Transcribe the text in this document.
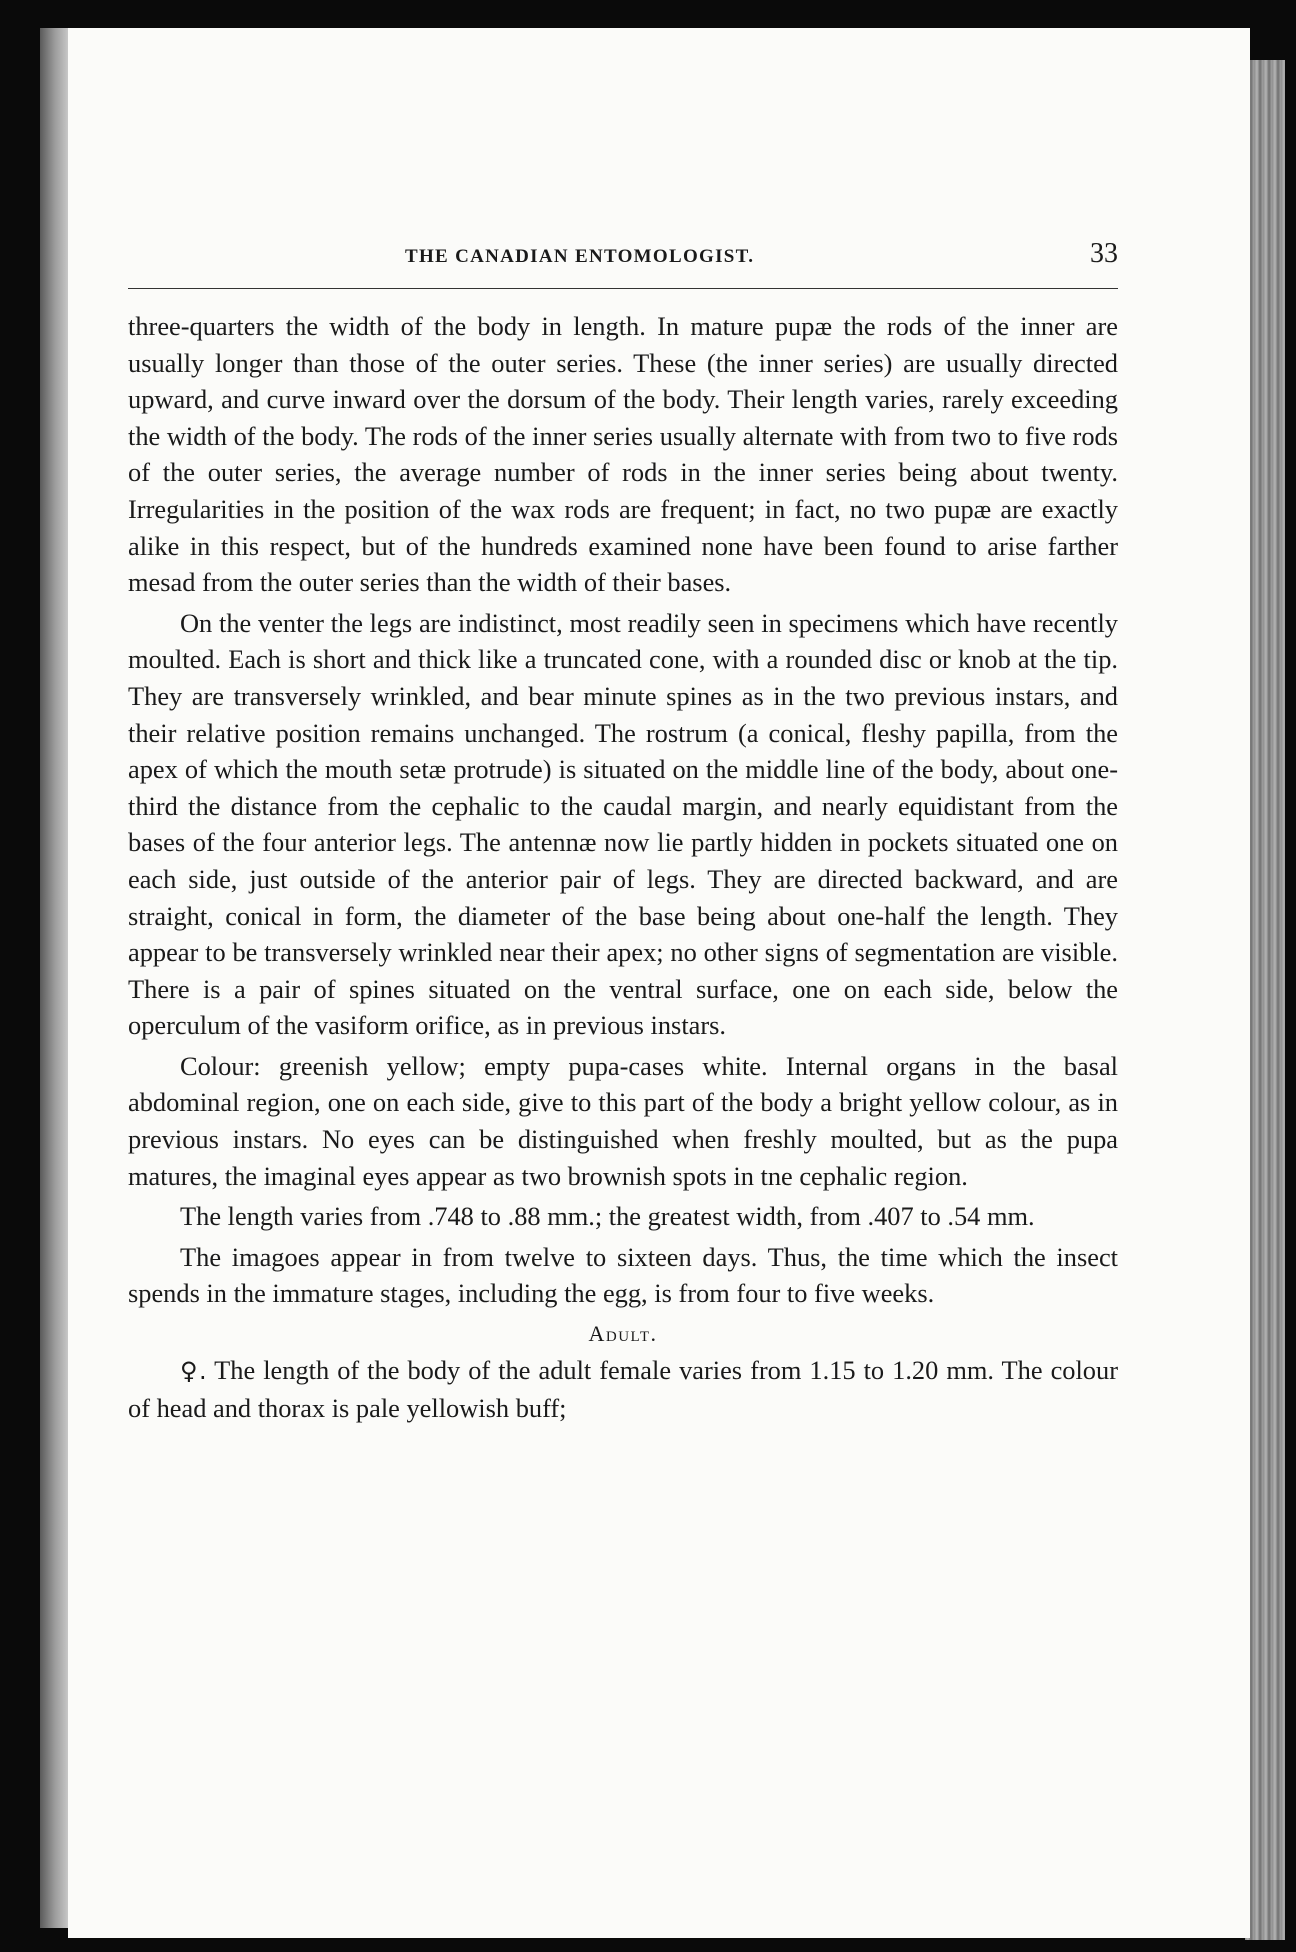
THE CANADIAN ENTOMOLOGIST.	33

three-quarters the width of the body in length. In mature pupæ the rods of the inner are usually longer than those of the outer series. These (the inner series) are usually directed upward, and curve inward over the dorsum of the body. Their length varies, rarely exceeding the width of the body. The rods of the inner series usually alternate with from two to five rods of the outer series, the average number of rods in the inner series being about twenty. Irregularities in the position of the wax rods are frequent; in fact, no two pupæ are exactly alike in this respect, but of the hundreds examined none have been found to arise farther mesad from the outer series than the width of their bases.

On the venter the legs are indistinct, most readily seen in specimens which have recently moulted. Each is short and thick like a truncated cone, with a rounded disc or knob at the tip. They are transversely wrinkled, and bear minute spines as in the two previous instars, and their relative position remains unchanged. The rostrum (a conical, fleshy papilla, from the apex of which the mouth setæ protrude) is situated on the middle line of the body, about one-third the distance from the cephalic to the caudal margin, and nearly equidistant from the bases of the four anterior legs. The antennæ now lie partly hidden in pockets situated one on each side, just outside of the anterior pair of legs. They are directed backward, and are straight, conical in form, the diameter of the base being about one-half the length. They appear to be transversely wrinkled near their apex; no other signs of segmentation are visible. There is a pair of spines situated on the ventral surface, one on each side, below the operculum of the vasiform orifice, as in previous instars.

Colour: greenish yellow; empty pupa-cases white. Internal organs in the basal abdominal region, one on each side, give to this part of the body a bright yellow colour, as in previous instars. No eyes can be distinguished when freshly moulted, but as the pupa matures, the imaginal eyes appear as two brownish spots in tne cephalic region.

The length varies from .748 to .88 mm.; the greatest width, from .407 to .54 mm.

The imagoes appear in from twelve to sixteen days. Thus, the time which the insect spends in the immature stages, including the egg, is from four to five weeks.

Adult.

♀. The length of the body of the adult female varies from 1.15 to 1.20 mm. The colour of head and thorax is pale yellowish buff;
